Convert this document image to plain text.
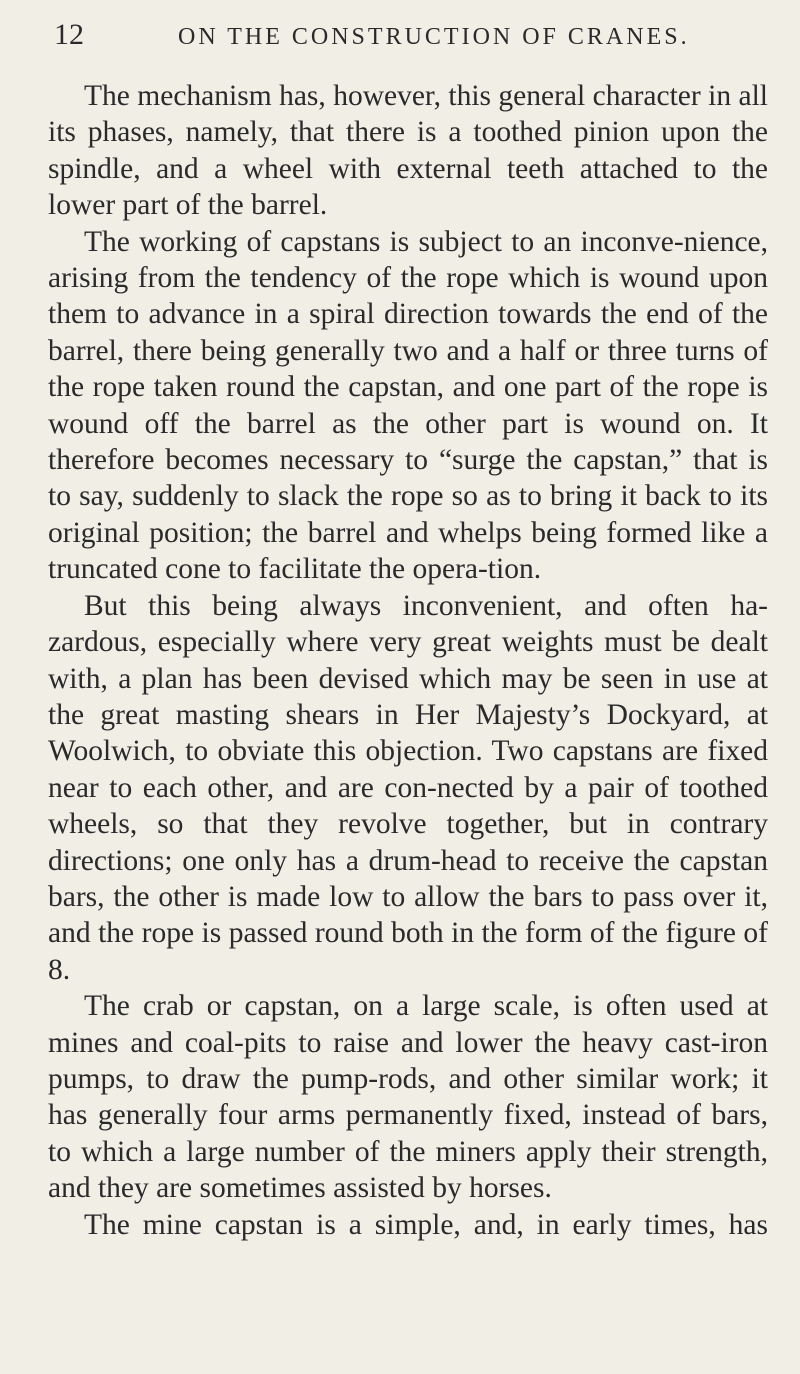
12	ON THE CONSTRUCTION OF CRANES.

The mechanism has, however, this general character in all its phases, namely, that there is a toothed pinion upon the spindle, and a wheel with external teeth attached to the lower part of the barrel.

The working of capstans is subject to an inconve-nience, arising from the tendency of the rope which is wound upon them to advance in a spiral direction towards the end of the barrel, there being generally two and a half or three turns of the rope taken round the capstan, and one part of the rope is wound off the barrel as the other part is wound on. It therefore becomes necessary to “surge the capstan,” that is to say, suddenly to slack the rope so as to bring it back to its original position; the barrel and whelps being formed like a truncated cone to facilitate the opera-tion.

But this being always inconvenient, and often ha-zardous, especially where very great weights must be dealt with, a plan has been devised which may be seen in use at the great masting shears in Her Majesty’s Dockyard, at Woolwich, to obviate this objection. Two capstans are fixed near to each other, and are con-nected by a pair of toothed wheels, so that they revolve together, but in contrary directions; one only has a drum-head to receive the capstan bars, the other is made low to allow the bars to pass over it, and the rope is passed round both in the form of the figure of 8.

The crab or capstan, on a large scale, is often used at mines and coal-pits to raise and lower the heavy cast-iron pumps, to draw the pump-rods, and other similar work; it has generally four arms permanently fixed, instead of bars, to which a large number of the miners apply their strength, and they are sometimes assisted by horses.

The mine capstan is a simple, and, in early times, has
